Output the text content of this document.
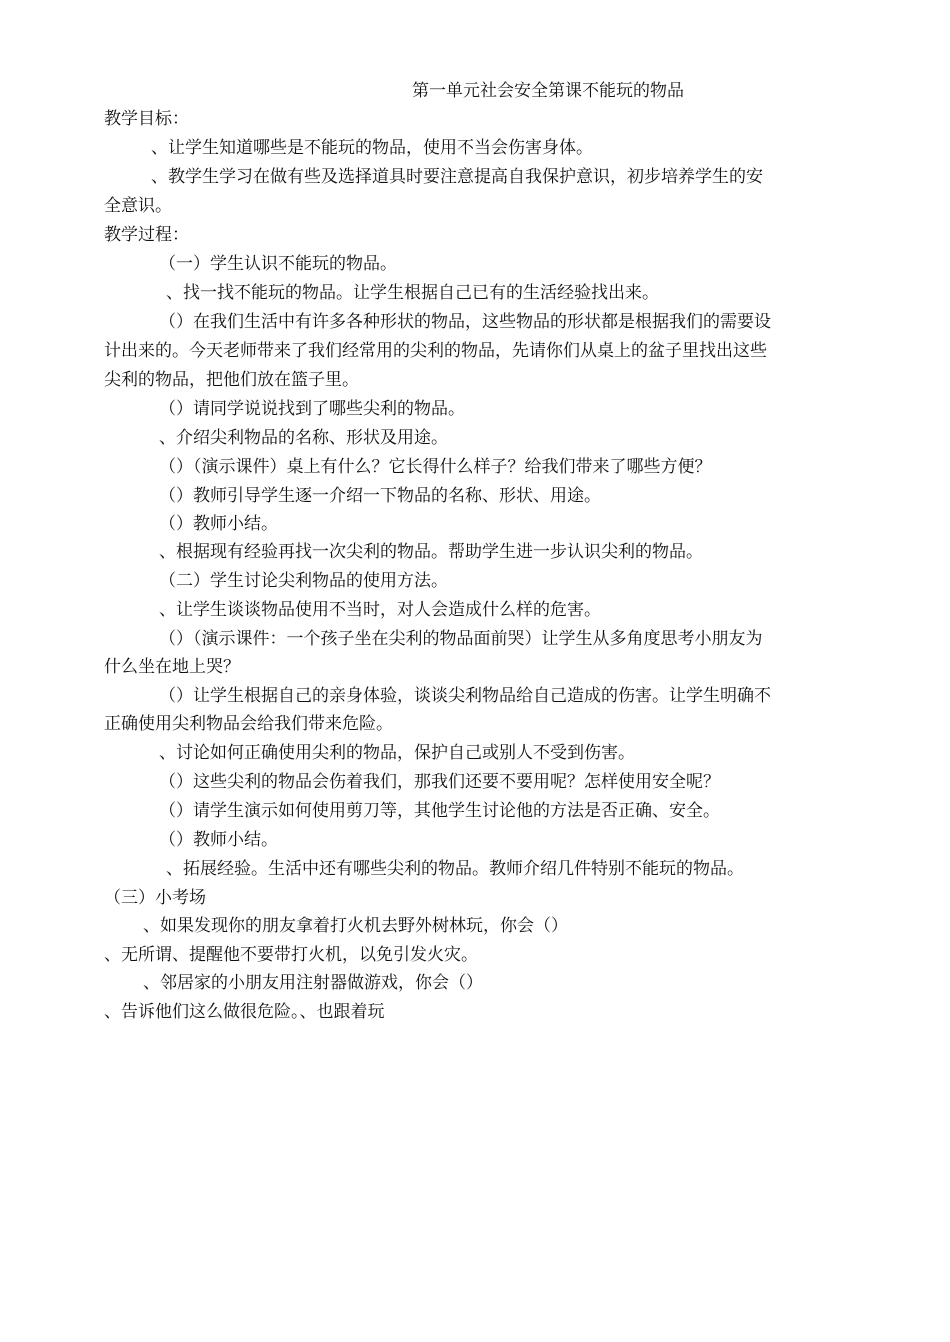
第一单元社会安全第课不能玩的物品
教学目标：
、让学生知道哪些是不能玩的物品，使用不当会伤害身体。
、教学生学习在做有些及选择道具时要注意提高自我保护意识，初步培养学生的安
全意识。
教学过程：
（一）学生认识不能玩的物品。
、找一找不能玩的物品。让学生根据自己已有的生活经验找出来。
（）在我们生活中有许多各种形状的物品，这些物品的形状都是根据我们的需要设
计出来的。今天老师带来了我们经常用的尖利的物品，先请你们从桌上的盆子里找出这些
尖利的物品，把他们放在篮子里。
（）请同学说说找到了哪些尖利的物品。
、介绍尖利物品的名称、形状及用途。
（）（演示课件）桌上有什么？它长得什么样子？给我们带来了哪些方便？
（）教师引导学生逐一介绍一下物品的名称、形状、用途。
（）教师小结。
、根据现有经验再找一次尖利的物品。帮助学生进一步认识尖利的物品。
（二）学生讨论尖利物品的使用方法。
、让学生谈谈物品使用不当时，对人会造成什么样的危害。
（）（演示课件：一个孩子坐在尖利的物品面前哭）让学生从多角度思考小朋友为
什么坐在地上哭？
（）让学生根据自己的亲身体验，谈谈尖利物品给自己造成的伤害。让学生明确不
正确使用尖利物品会给我们带来危险。
、讨论如何正确使用尖利的物品，保护自己或别人不受到伤害。
（）这些尖利的物品会伤着我们，那我们还要不要用呢？怎样使用安全呢？
（）请学生演示如何使用剪刀等，其他学生讨论他的方法是否正确、安全。
（）教师小结。
、拓展经验。生活中还有哪些尖利的物品。教师介绍几件特别不能玩的物品。
（三）小考场
、如果发现你的朋友拿着打火机去野外树林玩，你会（）
、无所谓、提醒他不要带打火机，以免引发火灾。
、邻居家的小朋友用注射器做游戏，你会（）
、告诉他们这么做很危险。、也跟着玩
